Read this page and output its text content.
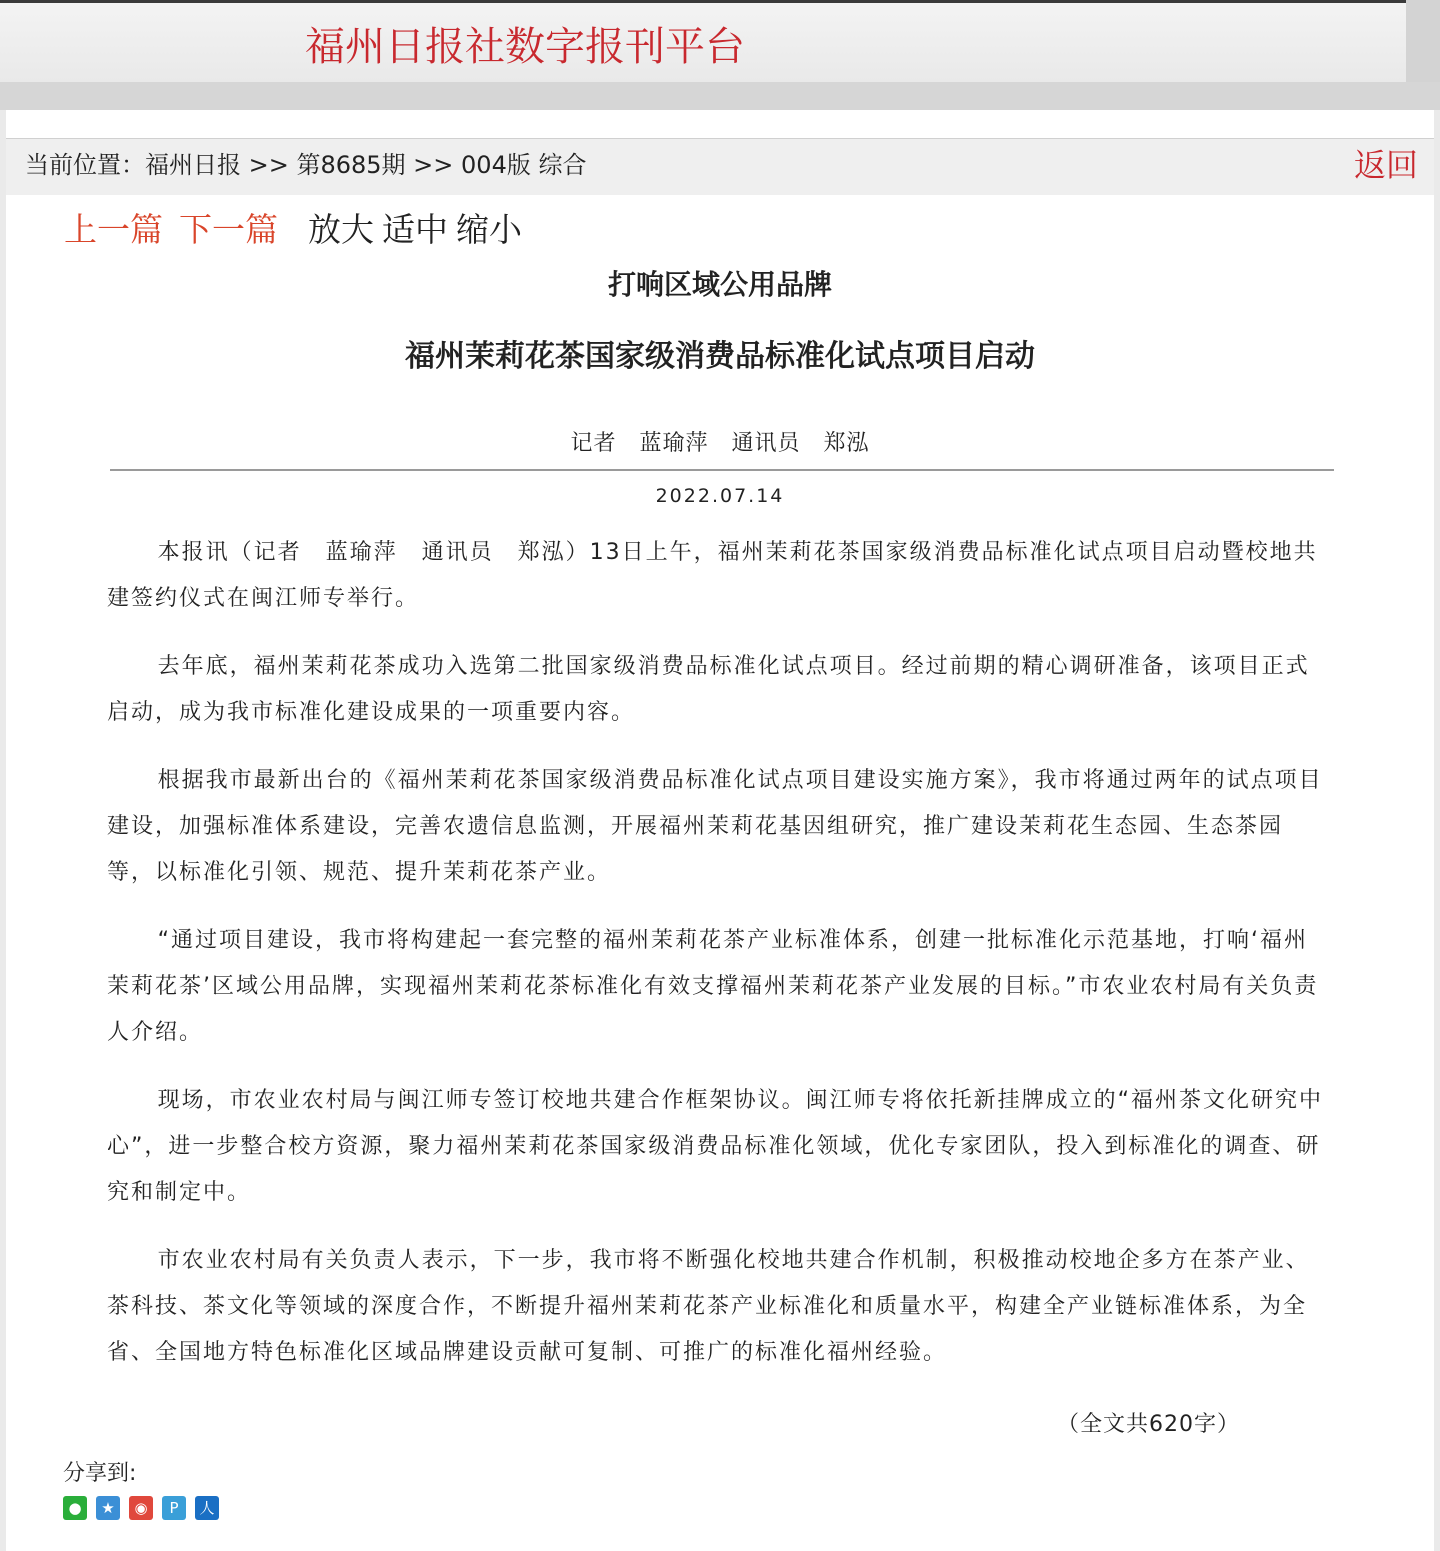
福州日报社数字报刊平台
当前位置：福州日报 >> 第8685期 >> 004版 综合	返回
上一篇 下一篇 放大 适中 缩小
打响区域公用品牌
福州茉莉花茶国家级消费品标准化试点项目启动
记者　蓝瑜萍　通讯员　郑泓
2022.07.14

本报讯（记者　蓝瑜萍　通讯员　郑泓）13日上午，福州茉莉花茶国家级消费品标准化试点项目启动暨校地共建签约仪式在闽江师专举行。

去年底，福州茉莉花茶成功入选第二批国家级消费品标准化试点项目。经过前期的精心调研准备，该项目正式启动，成为我市标准化建设成果的一项重要内容。

根据我市最新出台的《福州茉莉花茶国家级消费品标准化试点项目建设实施方案》，我市将通过两年的试点项目建设，加强标准体系建设，完善农遗信息监测，开展福州茉莉花基因组研究，推广建设茉莉花生态园、生态茶园等，以标准化引领、规范、提升茉莉花茶产业。

“通过项目建设，我市将构建起一套完整的福州茉莉花茶产业标准体系，创建一批标准化示范基地，打响‘福州茉莉花茶’区域公用品牌，实现福州茉莉花茶标准化有效支撑福州茉莉花茶产业发展的目标。”市农业农村局有关负责人介绍。

现场，市农业农村局与闽江师专签订校地共建合作框架协议。闽江师专将依托新挂牌成立的“福州茶文化研究中心”，进一步整合校方资源，聚力福州茉莉花茶国家级消费品标准化领域，优化专家团队，投入到标准化的调查、研究和制定中。

市农业农村局有关负责人表示，下一步，我市将不断强化校地共建合作机制，积极推动校地企多方在茶产业、茶科技、茶文化等领域的深度合作，不断提升福州茉莉花茶产业标准化和质量水平，构建全产业链标准体系，为全省、全国地方特色标准化区域品牌建设贡献可复制、可推广的标准化福州经验。

（全文共620字）
分享到:
● ★ ◉ P 人
